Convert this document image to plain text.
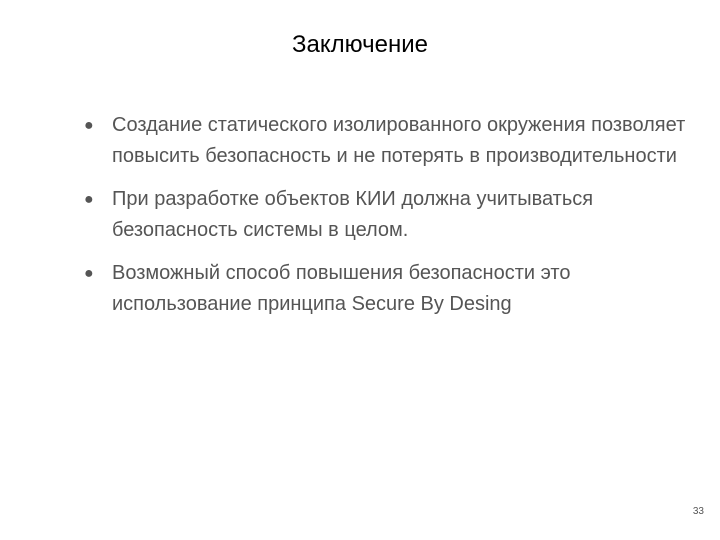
Заключение
● Создание статического изолированного окружения позволяет повысить безопасность и не потерять в производительности
● При разработке объектов КИИ должна учитываться безопасность системы в целом.
● Возможный способ повышения безопасности это использование принципа Secure By Desing
33
